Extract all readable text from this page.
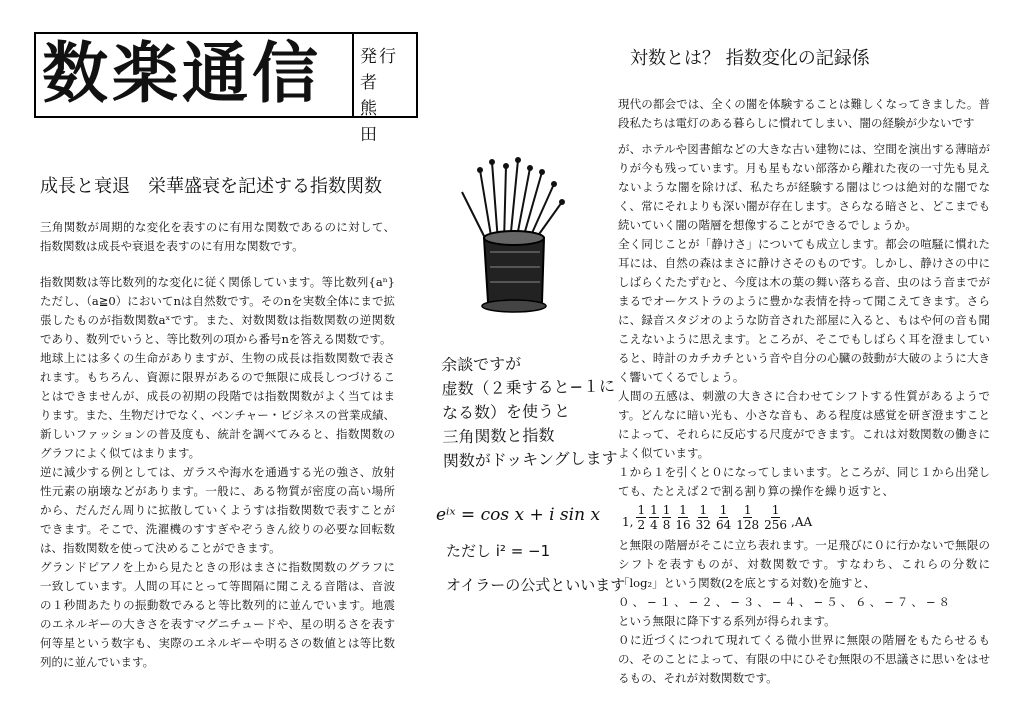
数楽通信 発行者
熊　田
成長と衰退　栄華盛衰を記述する指数関数

三角関数が周期的な変化を表すのに有用な関数であるのに対して、指数関数は成長や衰退を表すのに有用な関数です。

指数関数は等比数列的な変化に従く関係しています。等比数列{aⁿ}ただし、（a≧0）においてnは自然数です。そのnを実数全体にまで拡張したものが指数関数aˣです。また、対数関数は指数関数の逆関数であり、数列でいうと、等比数列の項から番号nを答える関数です。

地球上には多くの生命がありますが、生物の成長は指数関数で表されます。もちろん、資源に限界があるので無限に成長しつづけることはできませんが、成長の初期の段階では指数関数がよく当てはまります。また、生物だけでなく、ベンチャー・ビジネスの営業成績、新しいファッションの普及度も、統計を調べてみると、指数関数のグラフによく似てはまります。

逆に減少する例としては、ガラスや海水を通過する光の強さ、放射性元素の崩壊などがあります。一般に、ある物質が密度の高い場所から、だんだん周りに拡散していくようすは指数関数で表すことができます。そこで、洗濯機のすすぎやぞうきん絞りの必要な回転数は、指数関数を使って決めることができます。

グランドピアノを上から見たときの形はまさに指数関数のグラフに一致しています。人間の耳にとって等間隔に聞こえる音階は、音波の１秒間あたりの振動数でみると等比数列的に並んでいます。地震のエネルギーの大きさを表すマグニチュードや、星の明るさを表す何等星という数字も、実際のエネルギーや明るさの数値とは等比数列的に並んでいます。

余談ですが

虚数（２乗すると−１に

なる数）を使うと

三角関数と指数

関数がドッキングします

eⁱˣ = cos x + i sin x
ただし i² = −1
オイラーの公式といいます
対数とは？ 指数変化の記録係

現代の都会では、全くの闇を体験することは難しくなってきました。普段私たちは電灯のある暮らしに慣れてしまい、闇の経験が少ないです

が、ホテルや図書館などの大きな古い建物には、空間を演出する薄暗がりが今も残っています。月も星もない部落から離れた夜の一寸先も見えないような闇を除けば、私たちが経験する闇はじつは絶対的な闇でなく、常にそれよりも深い闇が存在します。さらなる暗さと、どこまでも続いていく闇の階層を想像することができるでしょうか。

全く同じことが「静けさ」についても成立します。都会の喧騒に慣れた耳には、自然の森はまさに静けさそのものです。しかし、静けさの中にしばらくたたずむと、今度は木の葉の舞い落ちる音、虫のはう音までがまるでオーケストラのように豊かな表情を持って聞こえてきます。さらに、録音スタジオのような防音された部屋に入ると、もはや何の音も聞こえないように思えます。ところが、そこでもしばらく耳を澄ましていると、時計のカチカチという音や自分の心臓の鼓動が大破のように大きく響いてくるでしょう。

人間の五感は、刺激の大きさに合わせてシフトする性質があるようです。どんなに暗い光も、小さな音も、ある程度は感覚を研ぎ澄ますことによって、それらに反応する尺度ができます。これは対数関数の働きによく似ています。

１から１を引くと０になってしまいます。ところが、同じ１から出発しても、たとえば２で割る割り算の操作を繰り返すと、

1, $\frac{1}{2} \frac{1}{4} \frac{1}{8} \frac{1}{16} \frac{1}{32} \frac{1}{64} \frac{1}{128} \frac{1}{256} ,AA$

と無限の階層がそこに立ち表れます。一足飛びに０に行かないで無限のシフトを表すものが、対数関数です。すなわち、これらの分数に「log₂」という関数(2を底とする対数)を施すと、

０、−１、−２、−３、−４、−５、６、−７、−８

という無限に降下する系列が得られます。

０に近づくにつれて現れてくる微小世界に無限の階層をもたらせるもの、そのことによって、有限の中にひそむ無限の不思議さに思いをはせるもの、それが対数関数です。
